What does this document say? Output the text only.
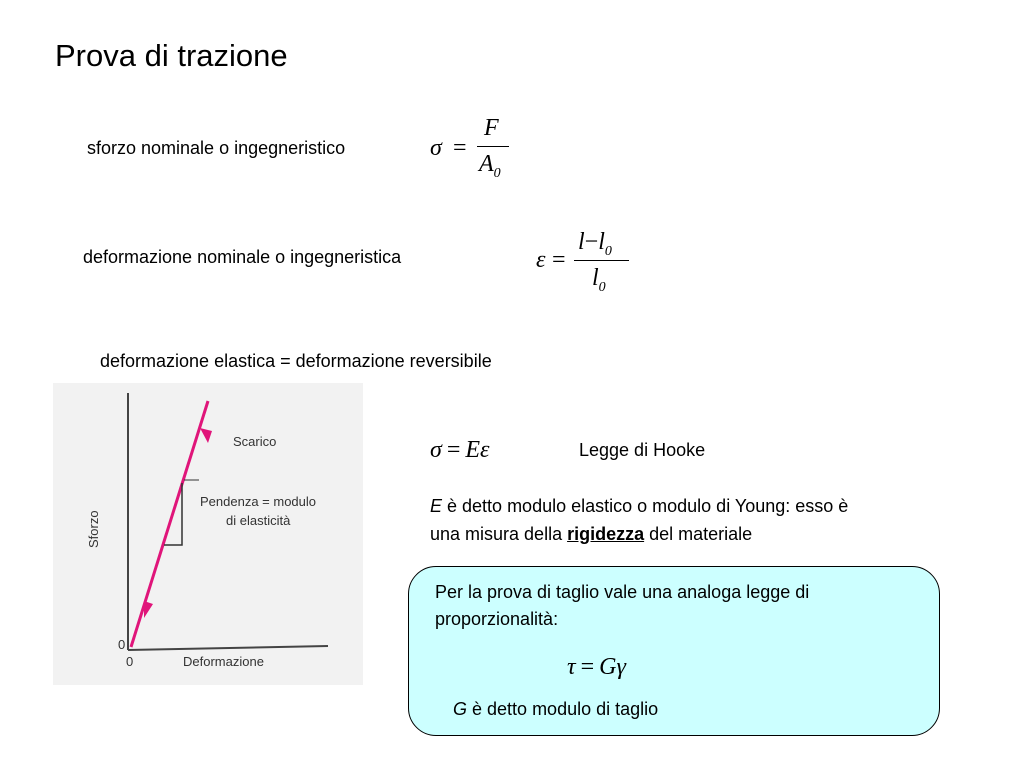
Prova di trazione
sforzo nominale o ingegneristico	σ =
F
$A_0$
deformazione nominale o ingegneristica	ε =
$l-l_0$
$l_0$
deformazione elastica = deformazione reversibile
Sforzo
Deformazione
Scarico
Pendenza = modulo
di elasticità
0
0
σ = Eε	Legge di Hooke
E è detto modulo elastico o modulo di Young: esso è
una misura della rigidezza del materiale
Per la prova di taglio vale una analoga legge di proporzionalità:
τ = Gγ
G è detto modulo di taglio
